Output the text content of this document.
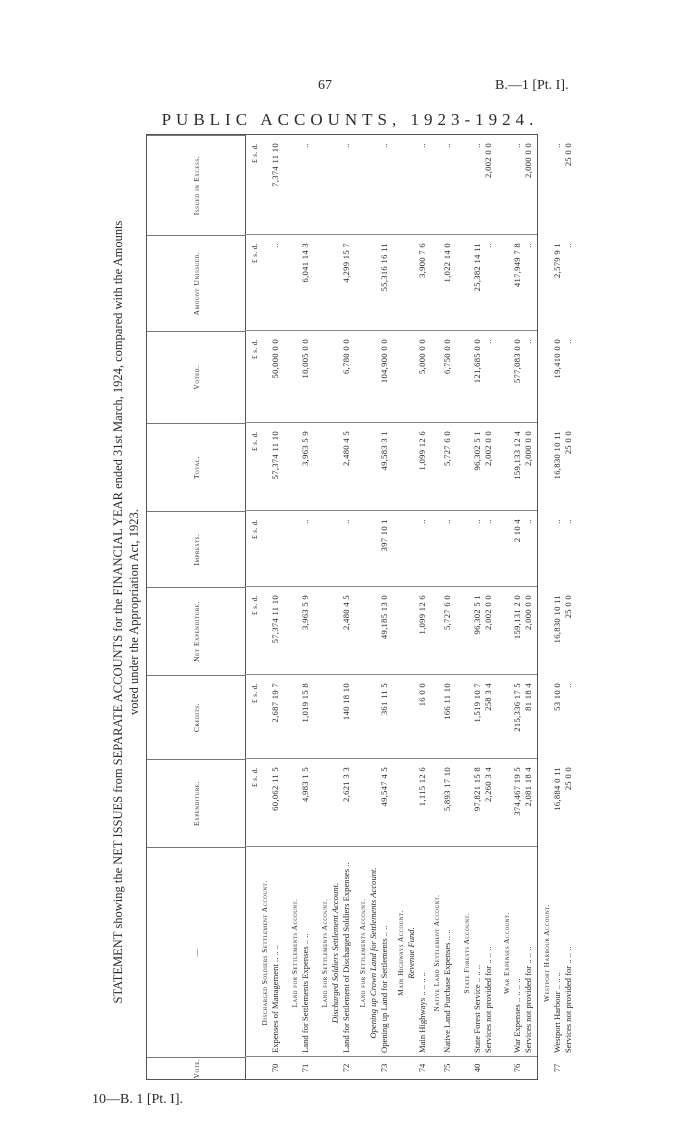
67	B.—1 [Pt. I].
PUBLIC ACCOUNTS, 1923-1924.
STATEMENT showing the NET ISSUES from SEPARATE ACCOUNTS for the FINANCIAL YEAR ended 31st March, 1924, compared with the Amounts voted under the Appropriation Act, 1923.
Vote.
—
Expenditure.
Credits.
Net Expenditure.
Imprests.
Total.
Voted.
Amount Unissued.
Issued in Excess.
£ s. d.
£ s. d.
£ s. d.
£ s. d.
£ s. d.
£ s. d.
£ s. d.
£ s. d.
70
Discharged Soldiers Settlement Account. Expenses of Management .. .. ..
60,062 11 5
2,687 19 7
57,374 11 10
57,374 11 10
50,000 0 0
..
7,374 11 10
71
Land for Settlements Account. Land for Settlements Expenses .. ..
4,983 1 5
1,019 15 8
3,963 5 9
..
3,963 5 9
10,005 0 0
6,041 14 3
..
72
Land for Settlements Account. Discharged Soldiers Settlement Account. Land for Settlement of Discharged Soldiers Expenses ..
2,621 3 3
140 18 10
2,480 4 5
..
2,480 4 5
6,780 0 0
4,299 15 7
..
73
Land for Settlements Account. Opening up Crown Land for Settlements Account. Opening up Land for Settlements .. ..
49,547 4 5
361 11 5
49,185 13 0
397 10 1
49,583 3 1
104,900 0 0
55,316 16 11
..
74
Main Highways Account. Revenue Fund.
Main Highways .. .. .. ..
1,115 12 6
16 0 0
1,099 12 6
..
1,099 12 6
5,000 0 0
3,900 7 6
..
75
Native Land Settlement Account. Native Land Purchase Expenses .. ..
5,893 17 10
166 11 10
5,727 6 0
..
5,727 6 0
6,750 0 0
1,022 14 0
..
40
State Forests Account.
State Forest Service .. .. ..
97,821 15 8
1,519 10 7
96,302 5 1
..
96,302 5 1
121,685 0 0
25,382 14 11
..
Services not provided for .. .. ..
2,260 3 4
258 3 4
2,002 0 0
..
2,002 0 0
..
..
2,002 0 0
76
War Expenses Account.
War Expenses .. .. .. ..
374,467 19 5
215,336 17 5
159,131 2 0
2 10 4
159,133 12 4
577,083 0 0
417,949 7 8
..
Services not provided for .. .. ..
2,081 18 4
81 18 4
2,000 0 0
..
2,000 0 0
..
..
2,000 0 0
77
Westport Harbour Account.
Westport Harbour .. .. ..
16,884 0 11
53 10 0
16,830 10 11
..
16,830 10 11
19,410 0 0
2,579 9 1
..
Services not provided for .. .. ..
25 0 0
..
25 0 0
..
25 0 0
..
..
25 0 0
10—B. 1 [Pt. I].
